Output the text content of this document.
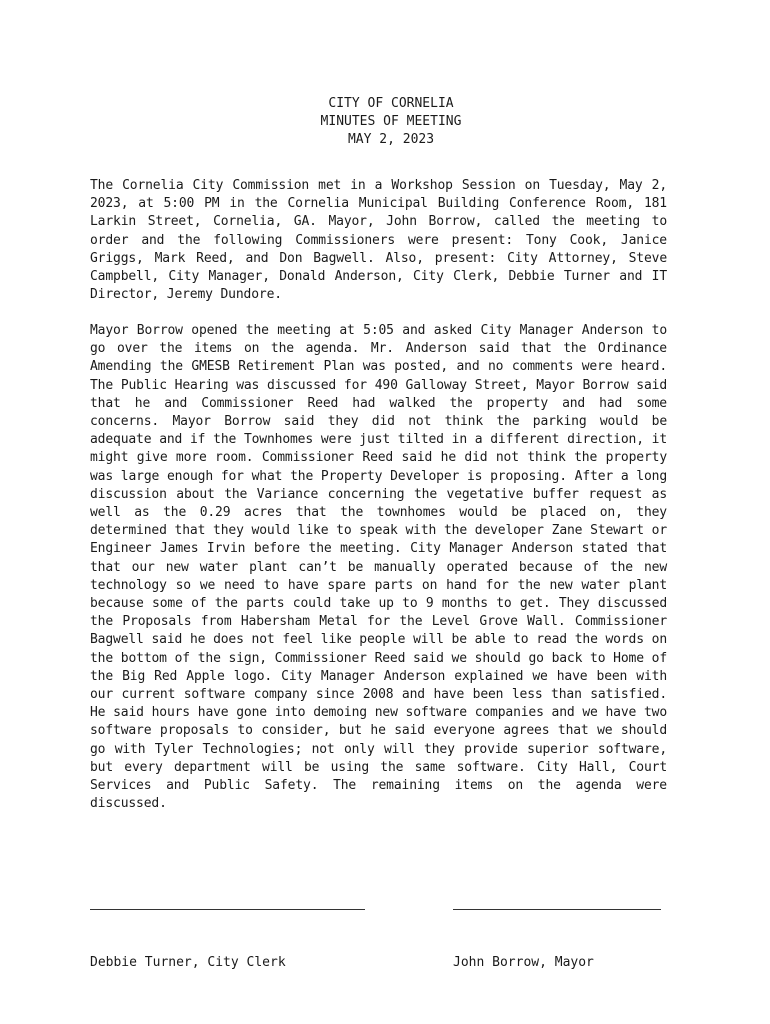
CITY OF CORNELIA
MINUTES OF MEETING
MAY 2, 2023

The Cornelia City Commission met in a Workshop Session on Tuesday, May 2, 2023, at 5:00 PM in the Cornelia Municipal Building Conference Room, 181 Larkin Street, Cornelia, GA. Mayor, John Borrow, called the meeting to order and the following Commissioners were present: Tony Cook, Janice Griggs, Mark Reed, and Don Bagwell. Also, present: City Attorney, Steve Campbell, City Manager, Donald Anderson, City Clerk, Debbie Turner and IT Director, Jeremy Dundore.

Mayor Borrow opened the meeting at 5:05 and asked City Manager Anderson to go over the items on the agenda. Mr. Anderson said that the Ordinance Amending the GMESB Retirement Plan was posted, and no comments were heard. The Public Hearing was discussed for 490 Galloway Street, Mayor Borrow said that he and Commissioner Reed had walked the property and had some concerns. Mayor Borrow said they did not think the parking would be adequate and if the Townhomes were just tilted in a different direction, it might give more room. Commissioner Reed said he did not think the property was large enough for what the Property Developer is proposing. After a long discussion about the Variance concerning the vegetative buffer request as well as the 0.29 acres that the townhomes would be placed on, they determined that they would like to speak with the developer Zane Stewart or Engineer James Irvin before the meeting. City Manager Anderson stated that that our new water plant can’t be manually operated because of the new technology so we need to have spare parts on hand for the new water plant because some of the parts could take up to 9 months to get. They discussed the Proposals from Habersham Metal for the Level Grove Wall. Commissioner Bagwell said he does not feel like people will be able to read the words on the bottom of the sign, Commissioner Reed said we should go back to Home of the Big Red Apple logo. City Manager Anderson explained we have been with our current software company since 2008 and have been less than satisfied. He said hours have gone into demoing new software companies and we have two software proposals to consider, but he said everyone agrees that we should go with Tyler Technologies; not only will they provide superior software, but every department will be using the same software. City Hall, Court Services and Public Safety. The remaining items on the agenda were discussed.

Debbie Turner, City Clerk

	John Borrow, Mayor
